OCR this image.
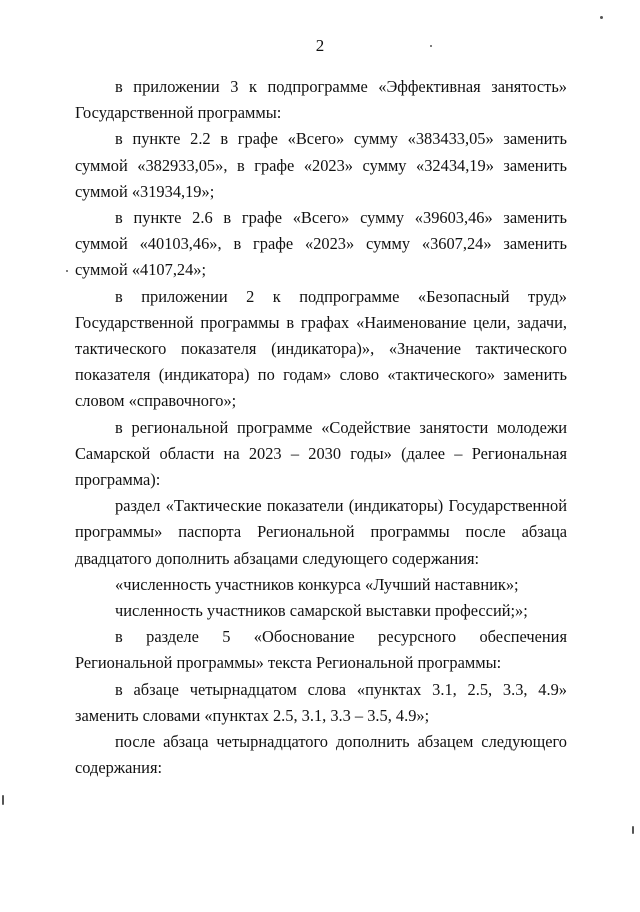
2

в приложении 3 к подпрограмме «Эффективная занятость» Государственной программы:

в пункте 2.2 в графе «Всего» сумму «383433,05» заменить суммой «382933,05», в графе «2023» сумму «32434,19» заменить суммой «31934,19»;

в пункте 2.6 в графе «Всего» сумму «39603,46» заменить суммой «40103,46», в графе «2023» сумму «3607,24» заменить суммой «4107,24»;

в приложении 2 к подпрограмме «Безопасный труд» Государственной программы в графах «Наименование цели, задачи, тактического показателя (индикатора)», «Значение тактического показателя (индикатора) по годам» слово «тактического» заменить словом «справочного»;

в региональной программе «Содействие занятости молодежи Самарской области на 2023 – 2030 годы» (далее – Региональная программа):

раздел «Тактические показатели (индикаторы) Государственной программы» паспорта Региональной программы после абзаца двадцатого дополнить абзацами следующего содержания:

«численность участников конкурса «Лучший наставник»;

численность участников самарской выставки профессий;»;

в разделе 5 «Обоснование ресурсного обеспечения Региональной программы» текста Региональной программы:

в абзаце четырнадцатом слова «пунктах 3.1, 2.5, 3.3, 4.9» заменить словами «пунктах 2.5, 3.1, 3.3 – 3.5, 4.9»;

после абзаца четырнадцатого дополнить абзацем следующего содержания:
